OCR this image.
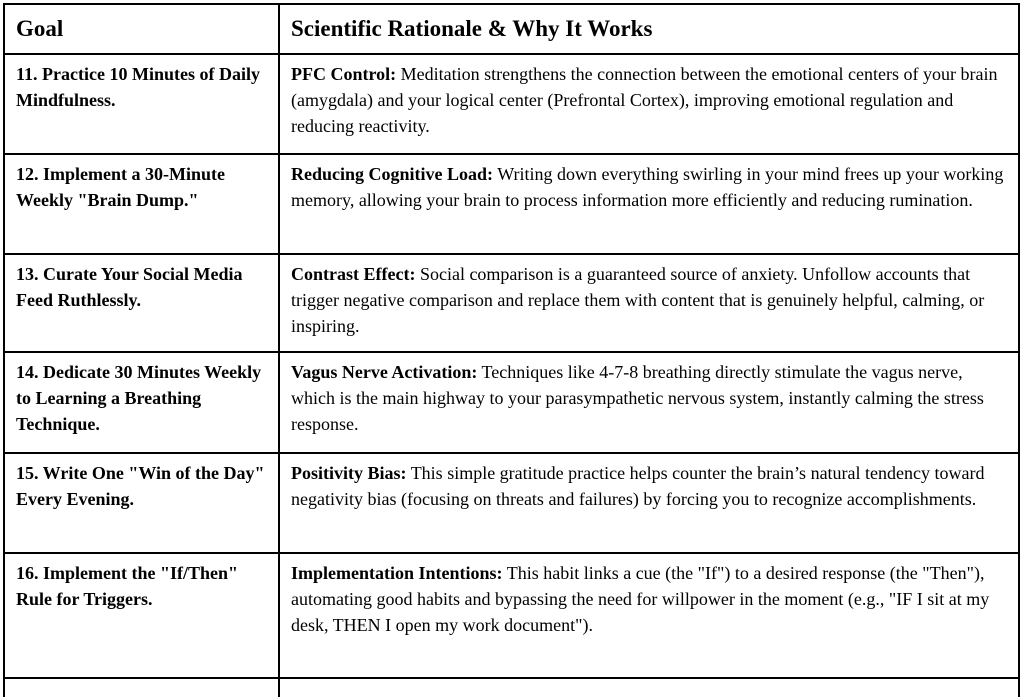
Goal	Scientific Rationale & Why It Works
11. Practice 10 Minutes of Daily Mindfulness.	PFC Control: Meditation strengthens the connection between the emotional centers of your brain (amygdala) and your logical center (Prefrontal Cortex), improving emotional regulation and reducing reactivity.
12. Implement a 30-Minute Weekly "Brain Dump."	Reducing Cognitive Load: Writing down everything swirling in your mind frees up your working memory, allowing your brain to process information more efficiently and reducing rumination.
13. Curate Your Social Media Feed Ruthlessly.	Contrast Effect: Social comparison is a guaranteed source of anxiety. Unfollow accounts that trigger negative comparison and replace them with content that is genuinely helpful, calming, or inspiring.
14. Dedicate 30 Minutes Weekly to Learning a Breathing Technique.	Vagus Nerve Activation: Techniques like 4-7-8 breathing directly stimulate the vagus nerve, which is the main highway to your parasympathetic nervous system, instantly calming the stress response.
15. Write One "Win of the Day" Every Evening.	Positivity Bias: This simple gratitude practice helps counter the brain’s natural tendency toward negativity bias (focusing on threats and failures) by forcing you to recognize accomplishments.
16. Implement the "If/Then" Rule for Triggers.	Implementation Intentions: This habit links a cue (the "If") to a desired response (the "Then"), automating good habits and bypassing the need for willpower in the moment (e.g., "IF I sit at my desk, THEN I open my work document").
